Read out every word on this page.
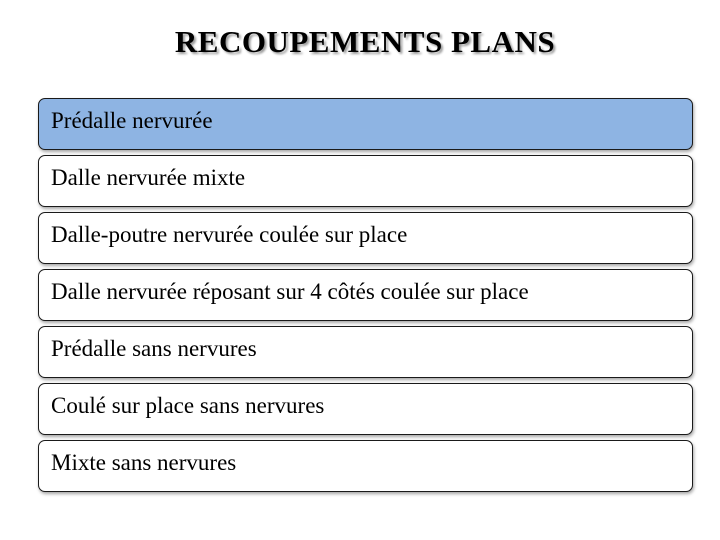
RECOUPEMENTS PLANS
Prédalle nervurée
Dalle nervurée mixte
Dalle-poutre nervurée coulée sur place
Dalle nervurée réposant sur 4 côtés coulée sur place
Prédalle sans nervures
Coulé sur place sans nervures
Mixte sans nervures
